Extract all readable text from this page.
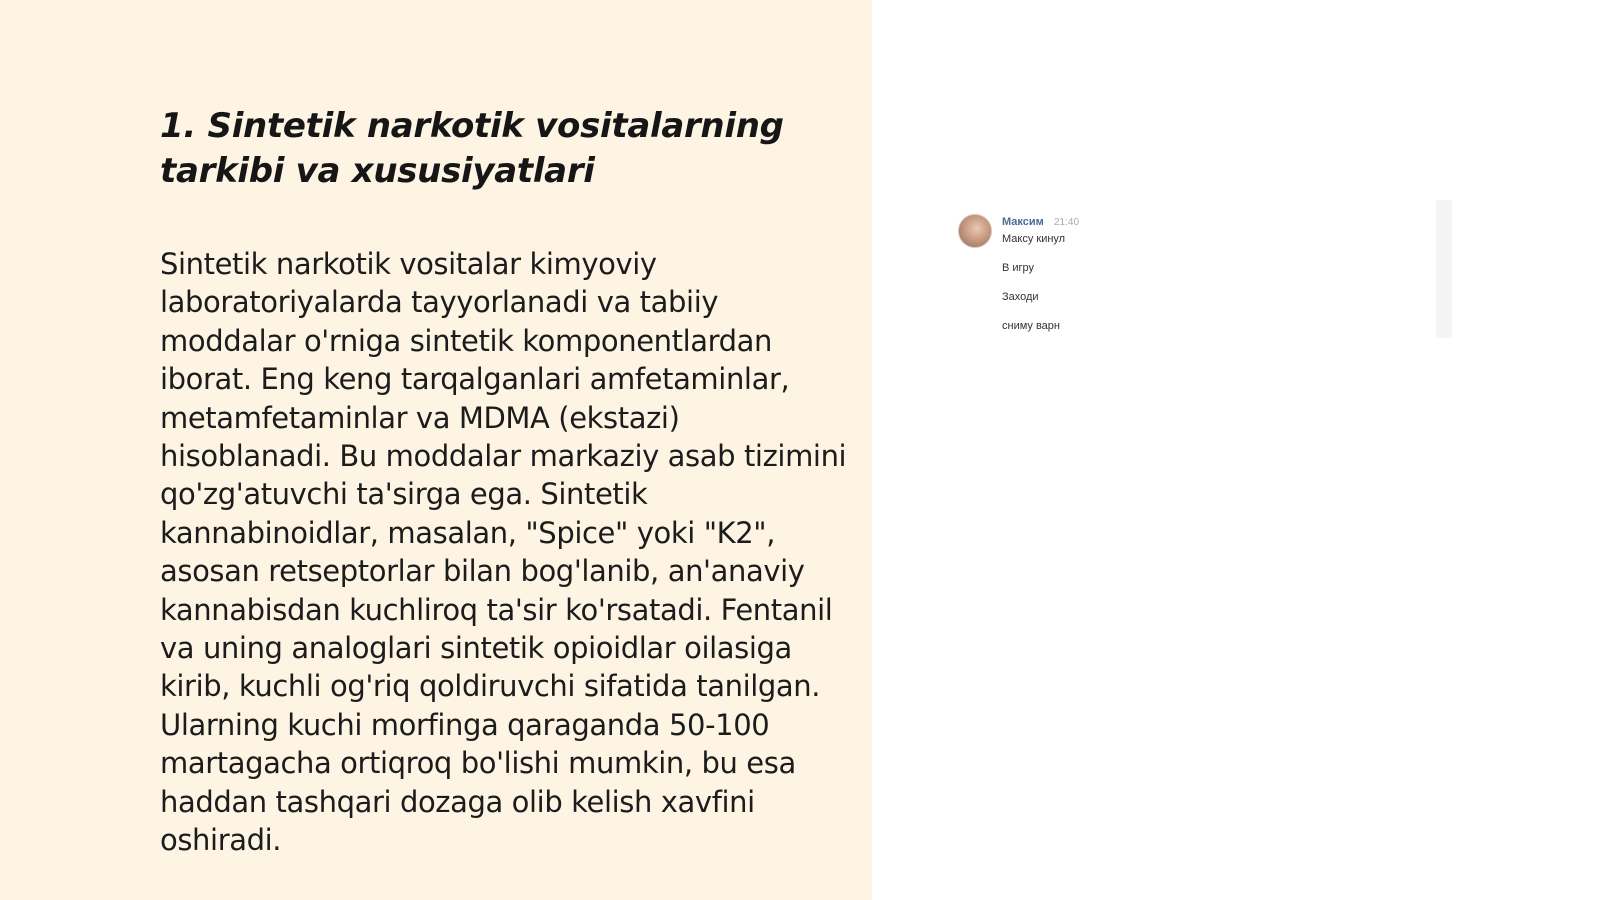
1. Sintetik narkotik vositalarning tarkibi va xususiyatlari

Sintetik narkotik vositalar kimyoviy laboratoriyalarda tayyorlanadi va tabiiy moddalar o'rniga sintetik komponentlardan iborat. Eng keng tarqalganlari amfetaminlar, metamfetaminlar va MDMA (ekstazi) hisoblanadi. Bu moddalar markaziy asab tizimini qo'zg'atuvchi ta'sirga ega. Sintetik kannabinoidlar, masalan, "Spice" yoki "K2", asosan retseptorlar bilan bog'lanib, an'anaviy kannabisdan kuchliroq ta'sir ko'rsatadi. Fentanil va uning analoglari sintetik opioidlar oilasiga kirib, kuchli og'riq qoldiruvchi sifatida tanilgan. Ularning kuchi morfinga qaraganda 50-100 martagacha ortiqroq bo'lishi mumkin, bu esa haddan tashqari dozaga olib kelish xavfini oshiradi.

Максим 21:40
Максу кинул
В игру
Заходи
сниму варн
